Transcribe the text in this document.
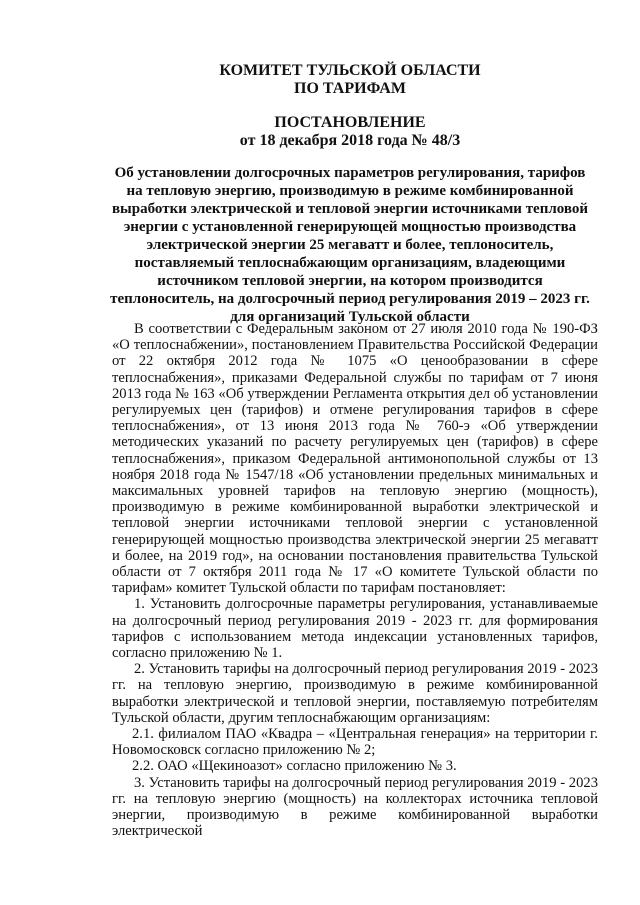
КОМИТЕТ ТУЛЬСКОЙ ОБЛАСТИ
ПО ТАРИФАМ
ПОСТАНОВЛЕНИЕ
от 18 декабря 2018 года № 48/3
Об установлении долгосрочных параметров регулирования, тарифов на тепловую энергию, производимую в режиме комбинированной выработки электрической и тепловой энергии источниками тепловой энергии с установленной генерирующей мощностью производства электрической энергии 25 мегаватт и более, теплоноситель, поставляемый теплоснабжающим организациям, владеющими источником тепловой энергии, на котором производится теплоноситель, на долгосрочный период регулирования 2019 – 2023 гг. для организаций Тульской области

В соответствии с Федеральным законом от 27 июля 2010 года № 190-ФЗ «О теплоснабжении», постановлением Правительства Российской Федерации от 22 октября 2012 года № 1075 «О ценообразовании в сфере теплоснабжения», приказами Федеральной службы по тарифам от 7 июня 2013 года № 163 «Об утверждении Регламента открытия дел об установлении регулируемых цен (тарифов) и отмене регулирования тарифов в сфере теплоснабжения», от 13 июня 2013 года № 760-э «Об утверждении методических указаний по расчету регулируемых цен (тарифов) в сфере теплоснабжения», приказом Федеральной антимонопольной службы от 13 ноября 2018 года № 1547/18 «Об установлении предельных минимальных и максимальных уровней тарифов на тепловую энергию (мощность), производимую в режиме комбинированной выработки электрической и тепловой энергии источниками тепловой энергии с установленной генерирующей мощностью производства электрической энергии 25 мегаватт и более, на 2019 год», на основании постановления правительства Тульской области от 7 октября 2011 года № 17 «О комитете Тульской области по тарифам» комитет Тульской области по тарифам постановляет:

1. Установить долгосрочные параметры регулирования, устанавливаемые на долгосрочный период регулирования 2019 - 2023 гг. для формирования тарифов с использованием метода индексации установленных тарифов, согласно приложению № 1.

2. Установить тарифы на долгосрочный период регулирования 2019 - 2023 гг. на тепловую энергию, производимую в режиме комбинированной выработки электрической и тепловой энергии, поставляемую потребителям Тульской области, другим теплоснабжающим организациям:

2.1. филиалом ПАО «Квадра – «Центральная генерация» на территории г. Новомосковск согласно приложению № 2;

2.2. ОАО «Щекиноазот» согласно приложению № 3.

3. Установить тарифы на долгосрочный период регулирования 2019 - 2023 гг. на тепловую энергию (мощность) на коллекторах источника тепловой энергии, производимую в режиме комбинированной выработки электрической
